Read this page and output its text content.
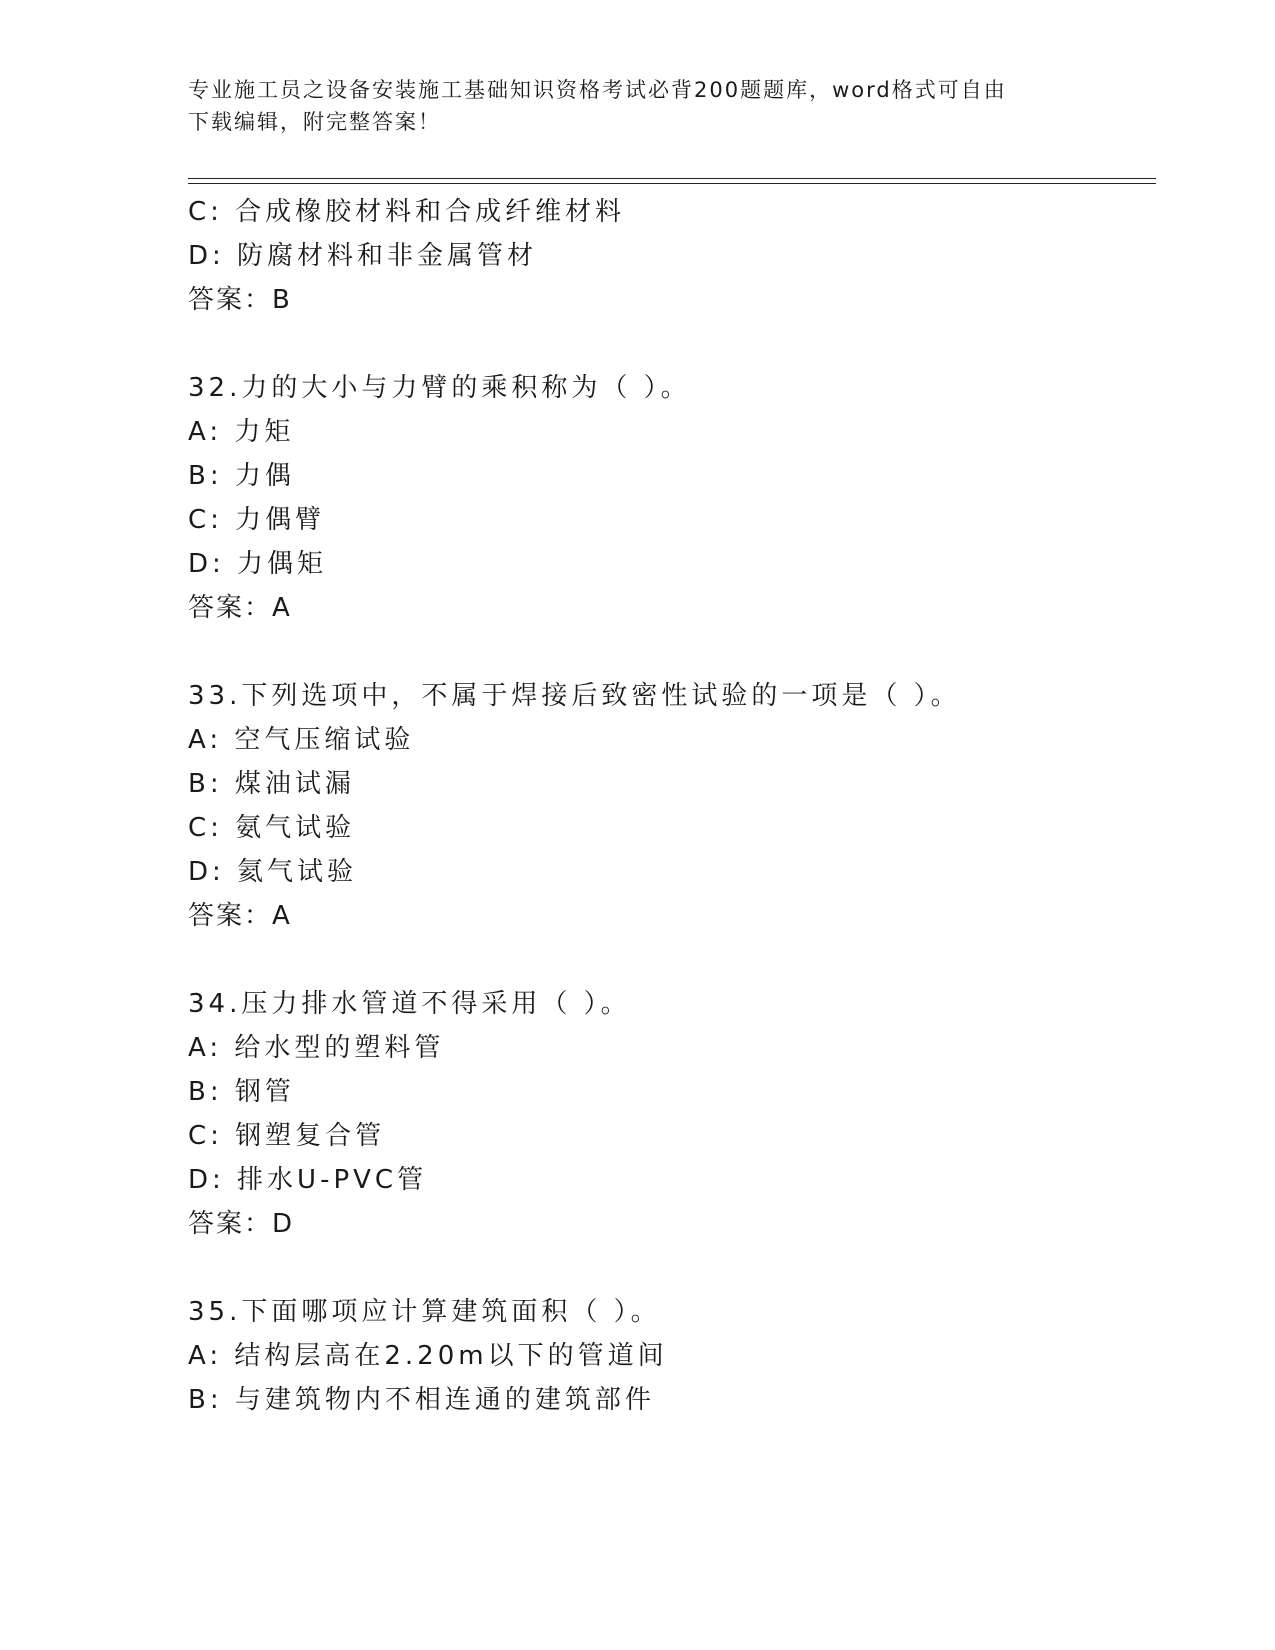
专业施工员之设备安装施工基础知识资格考试必背200题题库，word格式可自由
下载编辑，附完整答案！
C: 合成橡胶材料和合成纤维材料
D: 防腐材料和非金属管材
答案：B
32.力的大小与力臂的乘积称为（ ）。
A: 力矩
B: 力偶
C: 力偶臂
D: 力偶矩
答案：A
33.下列选项中，不属于焊接后致密性试验的一项是（ ）。
A: 空气压缩试验
B: 煤油试漏
C: 氨气试验
D: 氦气试验
答案：A
34.压力排水管道不得采用（ ）。
A: 给水型的塑料管
B: 钢管
C: 钢塑复合管
D: 排水U-PVC管
答案：D
35.下面哪项应计算建筑面积（ ）。
A: 结构层高在2.20m以下的管道间
B: 与建筑物内不相连通的建筑部件
